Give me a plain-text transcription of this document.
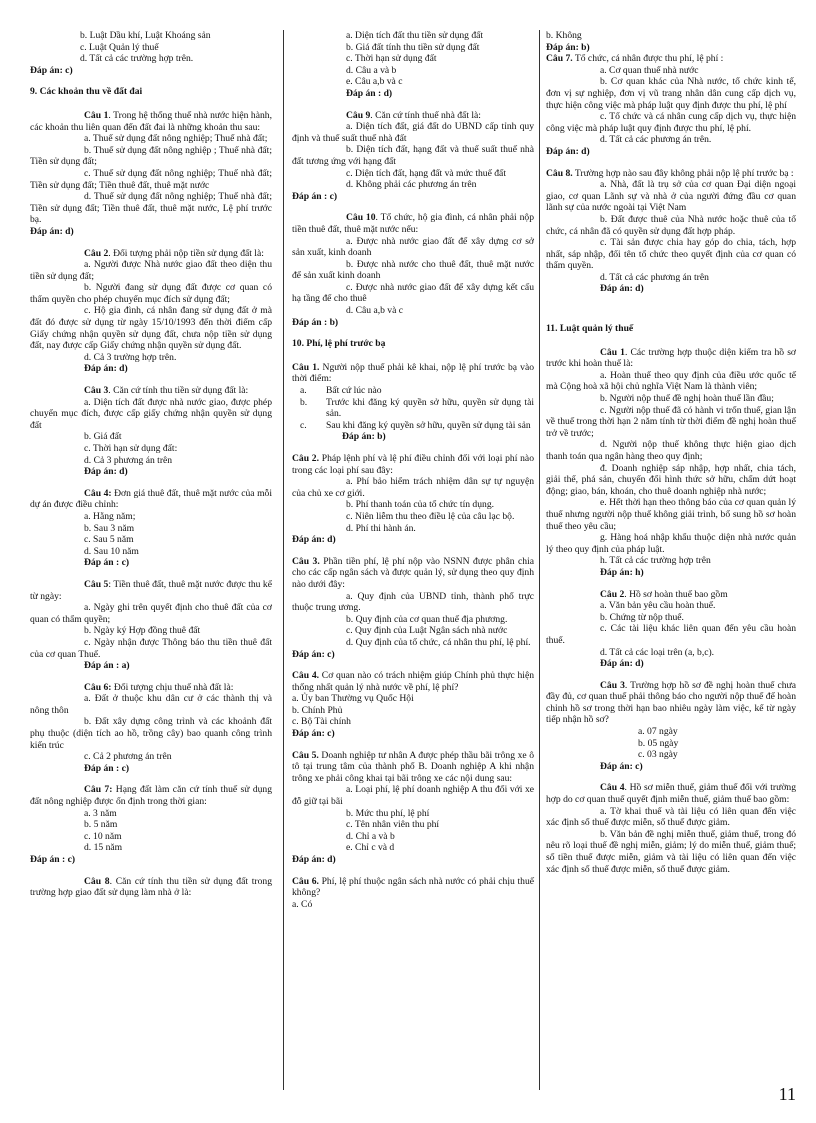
b. Luật Dầu khí, Luật Khoáng sản
c. Luật Quản lý thuế
d. Tất cả các trường hợp trên.
Đáp án: c)
9. Các khoản thu về đất đai
Câu 1. Trong hệ thống thuế nhà nước hiện hành, các khoản thu liên quan đến đất đai là những khoản thu sau:
a. Thuế sử dụng đất nông nghiệp; Thuế nhà đất;
b. Thuế sử dụng đất nông nghiệp ; Thuế nhà đất; Tiền sử dụng đất;
c. Thuế sử dụng đất nông nghiệp; Thuế nhà đất; Tiền sử dụng đất; Tiền thuê đất, thuê mặt nước
d. Thuế sử dụng đất nông nghiệp; Thuế nhà đất; Tiền sử dụng đất; Tiền thuê đất, thuê mặt nước, Lệ phí trước bạ.
Đáp án: d)
Câu 2. Đối tượng phải nộp tiền sử dụng đất là:
a. Người được Nhà nước giao đất theo diện thu tiền sử dụng đất;
b. Người đang sử dụng đất được cơ quan có thẩm quyền cho phép chuyển mục đích sử dụng đất;
c. Hộ gia đình, cá nhân đang sử dụng đất ở mà đất đó được sử dụng từ ngày 15/10/1993 đến thời điểm cấp Giấy chứng nhận quyền sử dụng đất, chưa nộp tiền sử dụng đất, nay được cấp Giấy chứng nhận quyền sử dụng đất.
d. Cả 3 trường hợp trên.
Đáp án: d)
Câu 3. Căn cứ tính thu tiền sử dụng đất là:
a. Diện tích đất được nhà nước giao, được phép chuyển mục đích, được cấp giấy chứng nhận quyền sử dụng đất
b. Giá đất
c. Thời hạn sử dụng đất:
d. Cả 3 phương án trên
Đáp án: d)
Câu 4: Đơn giá thuê đất, thuê mặt nước của mỗi dự án được điều chỉnh:
a. Hằng năm;
b. Sau 3 năm
c. Sau 5 năm
d. Sau 10 năm
Đáp án : c)
Câu 5: Tiền thuê đất, thuê mặt nước được thu kể từ ngày:
a. Ngày ghi trên quyết định cho thuê đất của cơ quan có thẩm quyền;
b. Ngày ký Hợp đồng thuê đất
c. Ngày nhận được Thông báo thu tiền thuê đất của cơ quan Thuế.
Đáp án : a)
Câu 6: Đối tượng chịu thuế nhà đất là:
a. Đất ở thuộc khu dân cư ở các thành thị và nông thôn
b. Đất xây dựng công trình và các khoảnh đất phụ thuộc (diện tích ao hồ, trồng cây) bao quanh công trình kiến trúc
c. Cả 2 phương án trên
Đáp án : c)
Câu 7: Hạng đất làm căn cứ tính thuế sử dụng đất nông nghiệp được ổn định trong thời gian:
a. 3 năm
b. 5 năm
c. 10 năm
d. 15 năm
Đáp án : c)
Câu 8. Căn cứ tính thu tiền sử dụng đất trong trường hợp giao đất sử dụng làm nhà ở là:
a. Diện tích đất thu tiền sử dụng đất
b. Giá đất tính thu tiền sử dụng đất
c. Thời hạn sử dụng đất
d. Câu a và b
e. Câu a,b và c
Đáp án : d)
Câu 9. Căn cứ tính thuế nhà đất là:
a. Diện tích đất, giá đất do UBND cấp tỉnh quy định và thuế suất thuế nhà đất
b. Diện tích đất, hạng đất và thuế suất thuế nhà đất tương ứng với hạng đất
c. Diện tích đất, hạng đất và mức thuế đất
d. Không phải các phương án trên
Đáp án : c)
Câu 10. Tổ chức, hộ gia đình, cá nhân phải nộp tiền thuê đất, thuê mặt nước nếu:
a. Được nhà nước giao đất để xây dựng cơ sở sản xuất, kinh doanh
b. Được nhà nước cho thuê đất, thuê mặt nước để sản xuất kinh doanh
c. Được nhà nước giao đất để xây dựng kết cấu hạ tầng để cho thuê
d. Câu a,b và c
Đáp án : b)
10. Phí, lệ phí trước bạ
Câu 1. Người nộp thuế phải kê khai, nộp lệ phí trước bạ vào thời điểm:
a.	Bất cứ lúc nào
b.	Trước khi đăng ký quyền sở hữu, quyền sử dụng tài sản.
c.	Sau khi đăng ký quyền sở hữu, quyền sử dụng tài sản
Đáp án: b)
Câu 2. Pháp lệnh phí và lệ phí điều chỉnh đối với loại phí nào trong các loại phí sau đây:
a. Phí bảo hiểm trách nhiệm dân sự tự nguyện của chủ xe cơ giới.
b. Phí thanh toán của tổ chức tín dụng.
c. Niên liễm thu theo điều lệ của câu lạc bộ.
d. Phí thi hành án.
Đáp án: d)
Câu 3. Phần tiền phí, lệ phí nộp vào NSNN được phân chia cho các cấp ngân sách và được quản lý, sử dụng theo quy định nào dưới đây:
a. Quy định của UBND tỉnh, thành phố trực thuộc trung ương.
b. Quy định của cơ quan thuế địa phương.
c. Quy định của Luật Ngân sách nhà nước
d. Quy định của tổ chức, cá nhân thu phí, lệ phí.
Đáp án: c)
Câu 4. Cơ quan nào có trách nhiệm giúp Chính phủ thực hiện thống nhất quản lý nhà nước về phí, lệ phí?
a. Ủy ban Thường vụ Quốc Hội
b. Chính Phủ
c. Bộ Tài chính
Đáp án: c)
Câu 5. Doanh nghiệp tư nhân A được phép thầu bãi trông xe ô tô tại trung tâm của thành phố B. Doanh nghiệp A khi nhận trông xe phải công khai tại bãi trông xe các nội dung sau:
a. Loại phí, lệ phí doanh nghiệp A thu đối với xe đỗ giữ tại bãi
b. Mức thu phí, lệ phí
c. Tên nhân viên thu phí
d. Chỉ a và b
e. Chỉ c và d
Đáp án: d)
Câu 6. Phí, lệ phí thuộc ngân sách nhà nước có phải chịu thuế không?
a. Có
b. Không
Đáp án: b)
Câu 7. Tổ chức, cá nhân được thu phí, lệ phí :
a. Cơ quan thuế nhà nước
b. Cơ quan khác của Nhà nước, tổ chức kinh tế, đơn vị sự nghiệp, đơn vị vũ trang nhân dân cung cấp dịch vụ, thực hiện công việc mà pháp luật quy định được thu phí, lệ phí
c. Tổ chức và cá nhân cung cấp dịch vụ, thực hiện công việc mà pháp luật quy định được thu phí, lệ phí.
d. Tất cả các phương án trên.
Đáp án: d)
Câu 8. Trường hợp nào sau đây không phải nộp lệ phí trước bạ :
a. Nhà, đất là trụ sở của cơ quan Đại diện ngoại giao, cơ quan Lãnh sự và nhà ở của người đứng đầu cơ quan lãnh sự của nước ngoài tại Việt Nam
b. Đất được thuê của Nhà nước hoặc thuê của tổ chức, cá nhân đã có quyền sử dụng đất hợp pháp.
c. Tài sản được chia hay góp do chia, tách, hợp nhất, sáp nhập, đổi tên tổ chức theo quyết định của cơ quan có thẩm quyền.
d. Tất cả các phương án trên
Đáp án: d)
11. Luật quản lý thuế
Câu 1. Các trường hợp thuộc diện kiểm tra hồ sơ trước khi hoàn thuế là:
a. Hoàn thuế theo quy định của điều ước quốc tế mà Cộng hoà xã hội chủ nghĩa Việt Nam là thành viên;
b. Người nộp thuế đề nghị hoàn thuế lần đầu;
c. Người nộp thuế đã có hành vi trốn thuế, gian lận về thuế trong thời hạn 2 năm tính từ thời điểm đề nghị hoàn thuế trở về trước;
d. Người nộp thuế không thực hiện giao dịch thanh toán qua ngân hàng theo quy định;
đ. Doanh nghiệp sáp nhập, hợp nhất, chia tách, giải thể, phá sản, chuyển đổi hình thức sở hữu, chấm dứt hoạt động; giao, bán, khoán, cho thuê doanh nghiệp nhà nước;
e. Hết thời hạn theo thông báo của cơ quan quản lý thuế nhưng người nộp thuế không giải trình, bổ sung hồ sơ hoàn thuế theo yêu cầu;
g. Hàng hoá nhập khẩu thuộc diện nhà nước quản lý theo quy định của pháp luật.
h. Tất cả các trường hợp trên
Đáp án: h)
Câu 2. Hồ sơ hoàn thuế bao gồm
a. Văn bản yêu cầu hoàn thuế.
b. Chứng từ nộp thuế.
c. Các tài liệu khác liên quan đến yêu cầu hoàn thuế.
d. Tất cả các loại trên (a, b,c).
Đáp án: d)
Câu 3. Trường hợp hồ sơ đề nghị hoàn thuế chưa đầy đủ, cơ quan thuế phải thông báo cho người nộp thuế để hoàn chỉnh hồ sơ trong thời hạn bao nhiêu ngày làm việc, kể từ ngày tiếp nhận hồ sơ?
a. 07 ngày
b. 05 ngày
c. 03 ngày
Đáp án: c)
Câu 4. Hồ sơ miễn thuế, giảm thuế đối với trường hợp do cơ quan thuế quyết định miễn thuế, giảm thuế bao gồm:
a. Tờ khai thuế và tài liệu có liên quan đến việc xác định số thuế được miễn, số thuế được giảm.
b. Văn bản đề nghị miễn thuế, giảm thuế, trong đó nêu rõ loại thuế đề nghị miễn, giảm; lý do miễn thuế, giảm thuế; số tiền thuế được miễn, giảm và tài liệu có liên quan đến việc xác định số thuế được miễn, số thuế được giảm.
11
